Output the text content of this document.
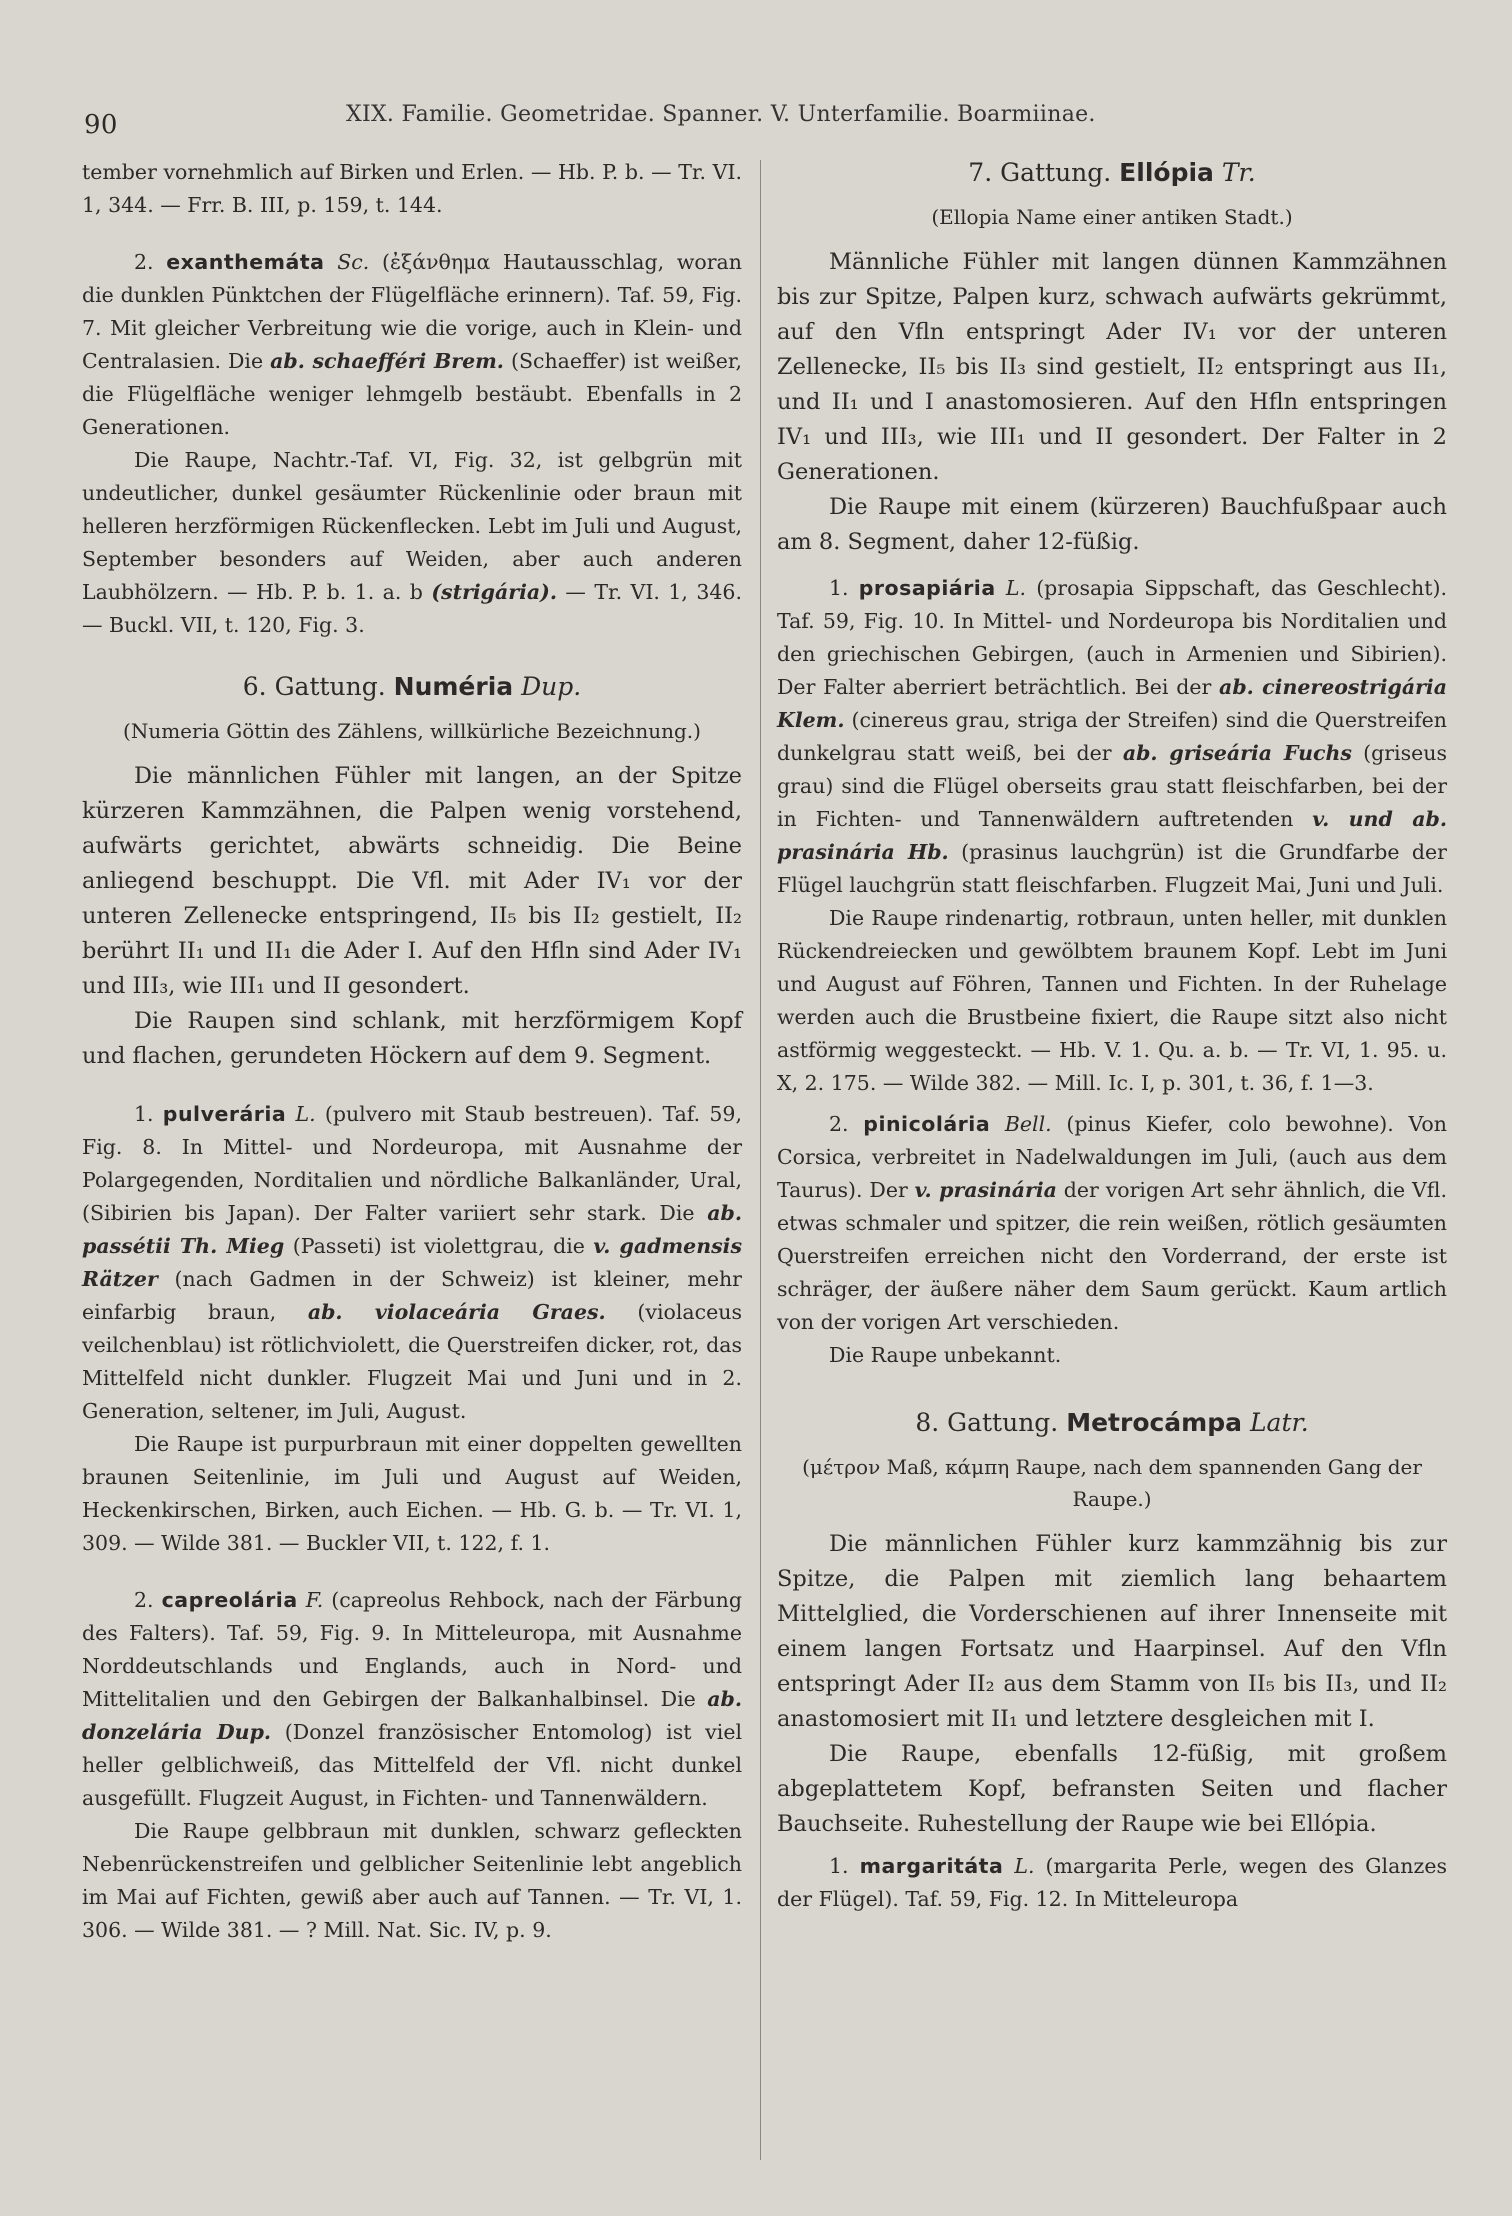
90	XIX. Familie. Geometridae. Spanner. V. Unterfamilie. Boarmiinae.

tember vornehmlich auf Birken und Erlen. — Hb. P. b. — Tr. VI. 1, 344. — Frr. B. III, p. 159, t. 144.

2. exanthemáta Sc. (ἐξάνθημα Hautausschlag, woran die dunklen Pünktchen der Flügelfläche erinnern). Taf. 59, Fig. 7. Mit gleicher Verbreitung wie die vorige, auch in Klein- und Centralasien. Die ab. schaefféri Brem. (Schaeffer) ist weißer, die Flügelfläche weniger lehmgelb bestäubt. Ebenfalls in 2 Generationen.

Die Raupe, Nachtr.-Taf. VI, Fig. 32, ist gelbgrün mit undeutlicher, dunkel gesäumter Rückenlinie oder braun mit helleren herzförmigen Rückenflecken. Lebt im Juli und August, September besonders auf Weiden, aber auch anderen Laubhölzern. — Hb. P. b. 1. a. b (strigária). — Tr. VI. 1, 346. — Buckl. VII, t. 120, Fig. 3.

6. Gattung. Numéria Dup.

(Numeria Göttin des Zählens, willkürliche Bezeichnung.)

Die männlichen Fühler mit langen, an der Spitze kürzeren Kammzähnen, die Palpen wenig vorstehend, aufwärts gerichtet, abwärts schneidig. Die Beine anliegend beschuppt. Die Vfl. mit Ader IV₁ vor der unteren Zellenecke entspringend, II₅ bis II₂ gestielt, II₂ berührt II₁ und II₁ die Ader I. Auf den Hfln sind Ader IV₁ und III₃, wie III₁ und II gesondert.

Die Raupen sind schlank, mit herzförmigem Kopf und flachen, gerundeten Höckern auf dem 9. Segment.

1. pulverária L. (pulvero mit Staub bestreuen). Taf. 59, Fig. 8. In Mittel- und Nordeuropa, mit Ausnahme der Polargegenden, Norditalien und nördliche Balkanländer, Ural, (Sibirien bis Japan). Der Falter variiert sehr stark. Die ab. passétii Th. Mieg (Passeti) ist violettgrau, die v. gadmensis Rätzer (nach Gadmen in der Schweiz) ist kleiner, mehr einfarbig braun, ab. violaceária Graes. (violaceus veilchenblau) ist rötlichviolett, die Querstreifen dicker, rot, das Mittelfeld nicht dunkler. Flugzeit Mai und Juni und in 2. Generation, seltener, im Juli, August.

Die Raupe ist purpurbraun mit einer doppelten gewellten braunen Seitenlinie, im Juli und August auf Weiden, Heckenkirschen, Birken, auch Eichen. — Hb. G. b. — Tr. VI. 1, 309. — Wilde 381. — Buckler VII, t. 122, f. 1.

2. capreolária F. (capreolus Rehbock, nach der Färbung des Falters). Taf. 59, Fig. 9. In Mitteleuropa, mit Ausnahme Norddeutschlands und Englands, auch in Nord- und Mittelitalien und den Gebirgen der Balkanhalbinsel. Die ab. donzelária Dup. (Donzel französischer Entomolog) ist viel heller gelblichweiß, das Mittelfeld der Vfl. nicht dunkel ausgefüllt. Flugzeit August, in Fichten- und Tannenwäldern.

Die Raupe gelbbraun mit dunklen, schwarz gefleckten Nebenrückenstreifen und gelblicher Seitenlinie lebt angeblich im Mai auf Fichten, gewiß aber auch auf Tannen. — Tr. VI, 1. 306. — Wilde 381. — ? Mill. Nat. Sic. IV, p. 9.

7. Gattung. Ellópia Tr.

(Ellopia Name einer antiken Stadt.)

Männliche Fühler mit langen dünnen Kammzähnen bis zur Spitze, Palpen kurz, schwach aufwärts gekrümmt, auf den Vfln entspringt Ader IV₁ vor der unteren Zellenecke, II₅ bis II₃ sind gestielt, II₂ entspringt aus II₁, und II₁ und I anastomosieren. Auf den Hfln entspringen IV₁ und III₃, wie III₁ und II gesondert. Der Falter in 2 Generationen.

Die Raupe mit einem (kürzeren) Bauchfußpaar auch am 8. Segment, daher 12-füßig.

1. prosapiária L. (prosapia Sippschaft, das Geschlecht). Taf. 59, Fig. 10. In Mittel- und Nordeuropa bis Norditalien und den griechischen Gebirgen, (auch in Armenien und Sibirien). Der Falter aberriert beträchtlich. Bei der ab. cinereostrigária Klem. (cinereus grau, striga der Streifen) sind die Querstreifen dunkelgrau statt weiß, bei der ab. griseária Fuchs (griseus grau) sind die Flügel oberseits grau statt fleischfarben, bei der in Fichten- und Tannenwäldern auftretenden v. und ab. prasinária Hb. (prasinus lauchgrün) ist die Grundfarbe der Flügel lauchgrün statt fleischfarben. Flugzeit Mai, Juni und Juli.

Die Raupe rindenartig, rotbraun, unten heller, mit dunklen Rückendreiecken und gewölbtem braunem Kopf. Lebt im Juni und August auf Föhren, Tannen und Fichten. In der Ruhelage werden auch die Brustbeine fixiert, die Raupe sitzt also nicht astförmig weggesteckt. — Hb. V. 1. Qu. a. b. — Tr. VI, 1. 95. u. X, 2. 175. — Wilde 382. — Mill. Ic. I, p. 301, t. 36, f. 1—3.

2. pinicolária Bell. (pinus Kiefer, colo bewohne). Von Corsica, verbreitet in Nadelwaldungen im Juli, (auch aus dem Taurus). Der v. prasinária der vorigen Art sehr ähnlich, die Vfl. etwas schmaler und spitzer, die rein weißen, rötlich gesäumten Querstreifen erreichen nicht den Vorderrand, der erste ist schräger, der äußere näher dem Saum gerückt. Kaum artlich von der vorigen Art verschieden.

Die Raupe unbekannt.

8. Gattung. Metrocámpa Latr.

(μέτρον Maß, κάμπη Raupe, nach dem spannenden Gang der Raupe.)

Die männlichen Fühler kurz kammzähnig bis zur Spitze, die Palpen mit ziemlich lang behaartem Mittelglied, die Vorderschienen auf ihrer Innenseite mit einem langen Fortsatz und Haarpinsel. Auf den Vfln entspringt Ader II₂ aus dem Stamm von II₅ bis II₃, und II₂ anastomosiert mit II₁ und letztere desgleichen mit I.

Die Raupe, ebenfalls 12-füßig, mit großem abgeplattetem Kopf, befransten Seiten und flacher Bauchseite. Ruhestellung der Raupe wie bei Ellópia.

1. margaritáta L. (margarita Perle, wegen des Glanzes der Flügel). Taf. 59, Fig. 12. In Mitteleuropa
